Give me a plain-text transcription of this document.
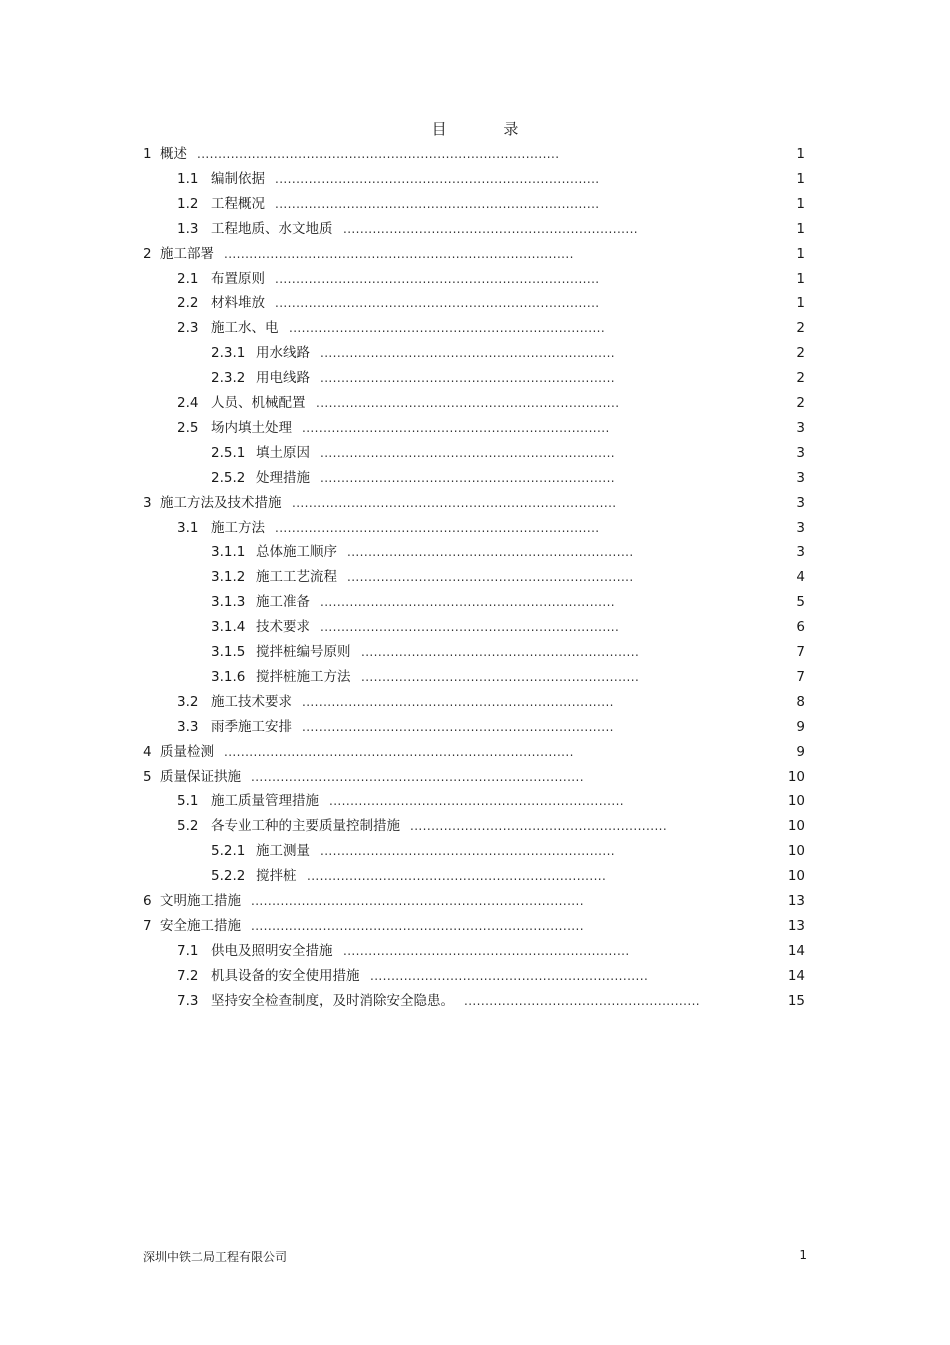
目 录
1 概述 ......................................................................................	1
1.1 编制依据 .............................................................................	1
1.2 工程概况 .............................................................................	1
1.3 工程地质、水文地质 ......................................................................	1
2 施工部署 ...................................................................................	1
2.1 布置原则 .............................................................................	1
2.2 材料堆放 .............................................................................	1
2.3 施工水、电 ...........................................................................	2
2.3.1 用水线路 ......................................................................	2
2.3.2 用电线路 ......................................................................	2
2.4 人员、机械配置 ........................................................................	2
2.5 场内填土处理 .........................................................................	3
2.5.1 填土原因 ......................................................................	3
2.5.2 处理措施 ......................................................................	3
3 施工方法及技术措施 .............................................................................	3
3.1 施工方法 .............................................................................	3
3.1.1 总体施工顺序 ....................................................................	3
3.1.2 施工工艺流程 ....................................................................	4
3.1.3 施工准备 ......................................................................	5
3.1.4 技术要求 .......................................................................	6
3.1.5 搅拌桩编号原则 ..................................................................	7
3.1.6 搅拌桩施工方法 ..................................................................	7
3.2 施工技术要求 ..........................................................................	8
3.3 雨季施工安排 ..........................................................................	9
4 质量检测 ...................................................................................	9
5 质量保证拱施 ...............................................................................	10
5.1 施工质量管理措施 ......................................................................	10
5.2 各专业工种的主要质量控制措施 .............................................................	10
5.2.1 施工测量 ......................................................................	10
5.2.2 搅拌桩 .......................................................................	10
6 文明施工措施 ...............................................................................	13
7 安全施工措施 ...............................................................................	13
7.1 供电及照明安全措施 ....................................................................	14
7.2 机具设备的安全使用措施 ..................................................................	14
7.3 坚持安全检查制度，及时消除安全隐患。 ........................................................	15
深圳中铁二局工程有限公司	1
